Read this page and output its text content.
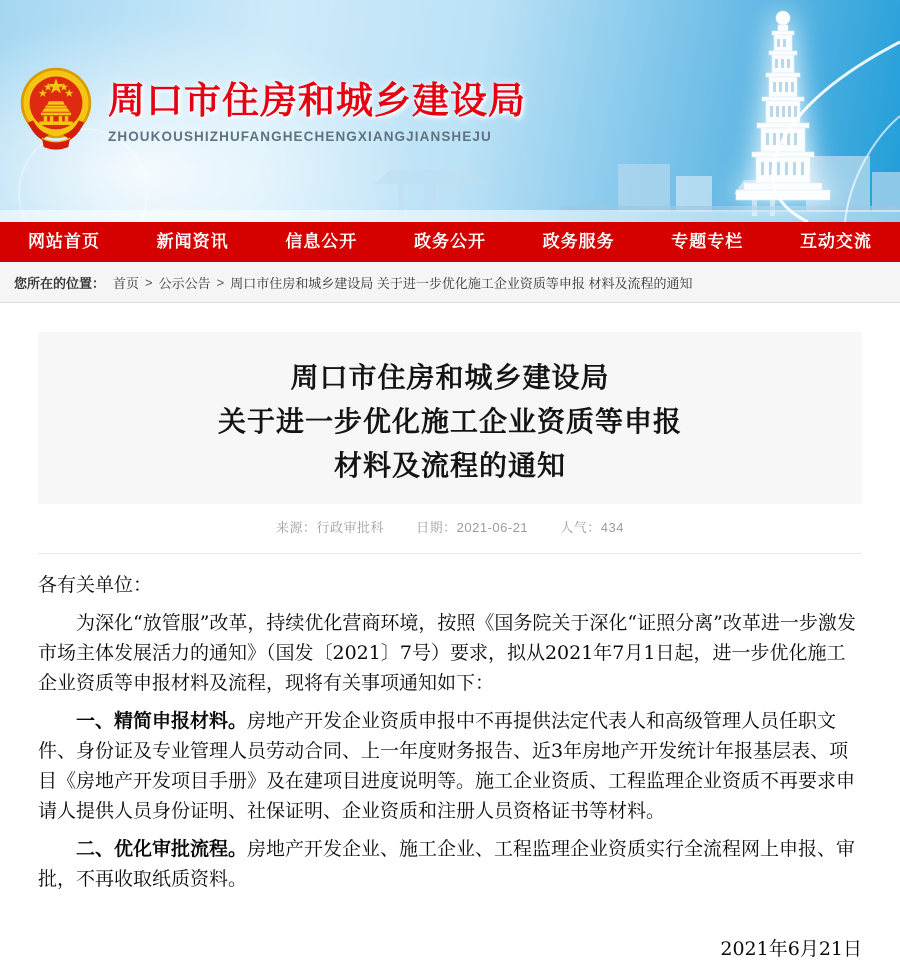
周口市住房和城乡建设局
ZHOUKOUSHIZHUFANGHECHENGXIANGJIANSHEJU
网站首页	新闻资讯	信息公开	政务公开	政务服务	专题专栏	互动交流
您所在的位置： 首页 > 公示公告 > 周口市住房和城乡建设局 关于进一步优化施工企业资质等申报 材料及流程的通知
周口市住房和城乡建设局
关于进一步优化施工企业资质等申报
材料及流程的通知
来源：行政审批科 日期：2021-06-21 人气：434

各有关单位：

为深化“放管服”改革，持续优化营商环境，按照《国务院关于深化“证照分离”改革进一步激发市场主体发展活力的通知》（国发〔2021〕7号）要求，拟从2021年7月1日起，进一步优化施工企业资质等申报材料及流程，现将有关事项通知如下：

一、精简申报材料。房地产开发企业资质申报中不再提供法定代表人和高级管理人员任职文件、身份证及专业管理人员劳动合同、上一年度财务报告、近3年房地产开发统计年报基层表、项目《房地产开发项目手册》及在建项目进度说明等。施工企业资质、工程监理企业资质不再要求申请人提供人员身份证明、社保证明、企业资质和注册人员资格证书等材料。

二、优化审批流程。房地产开发企业、施工企业、工程监理企业资质实行全流程网上申报、审批，不再收取纸质资料。

2021年6月21日
